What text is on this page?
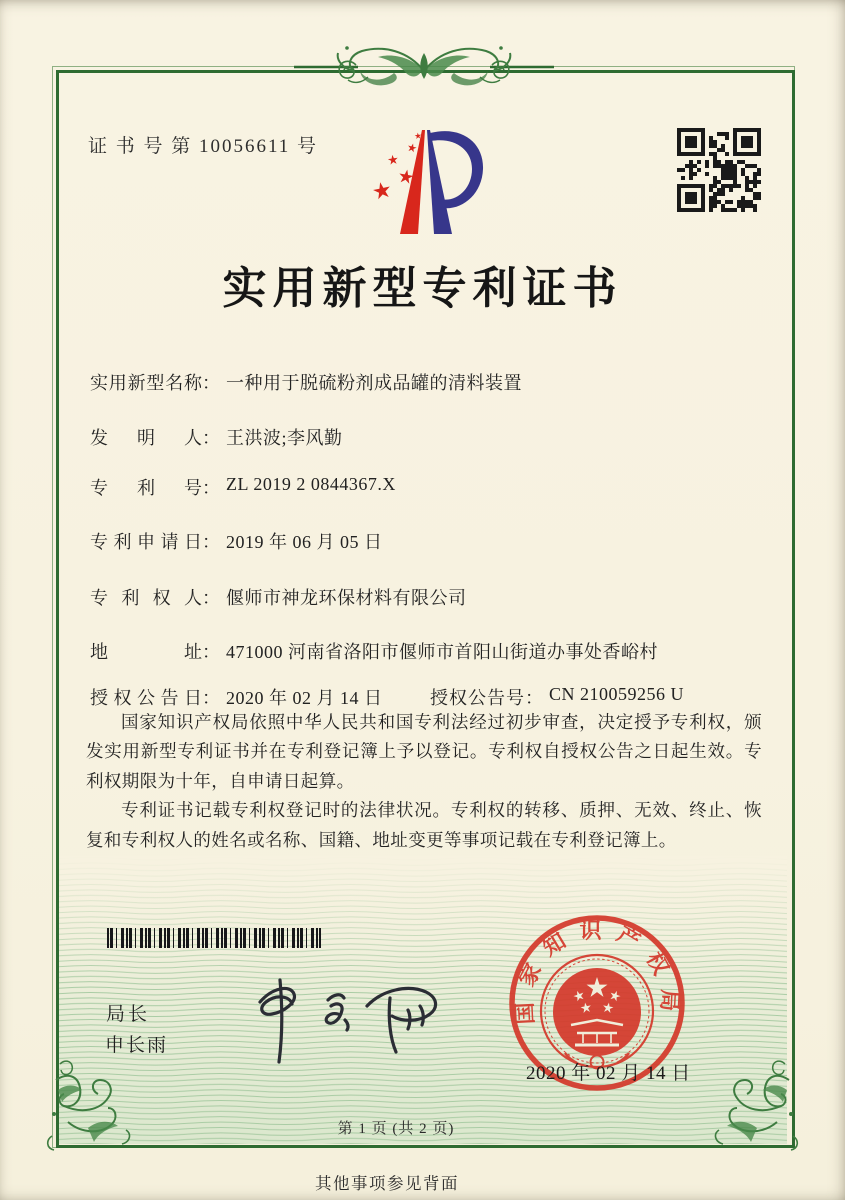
证 书 号 第 10056611 号
实用新型专利证书
实用新型名称： 一种用于脱硫粉剂成品罐的清料装置
发明人： 王洪波;李风勤
专利号： ZL 2019 2 0844367.X
专利申请日： 2019 年 06 月 05 日
专利权人： 偃师市神龙环保材料有限公司
地址： 471000 河南省洛阳市偃师市首阳山街道办事处香峪村
授权公告日： 2020 年 02 月 14 日	授权公告号： CN 210059256 U

国家知识产权局依照中华人民共和国专利法经过初步审查，决定授予专利权，颁发实用新型专利证书并在专利登记簿上予以登记。专利权自授权公告之日起生效。专利权期限为十年，自申请日起算。

专利证书记载专利权登记时的法律状况。专利权的转移、质押、无效、终止、恢复和专利权人的姓名或名称、国籍、地址变更等事项记载在专利登记簿上。

国家知识产权局
2020 年 02 月 14 日
局长
申长雨
第 1 页 (共 2 页)
其他事项参见背面
